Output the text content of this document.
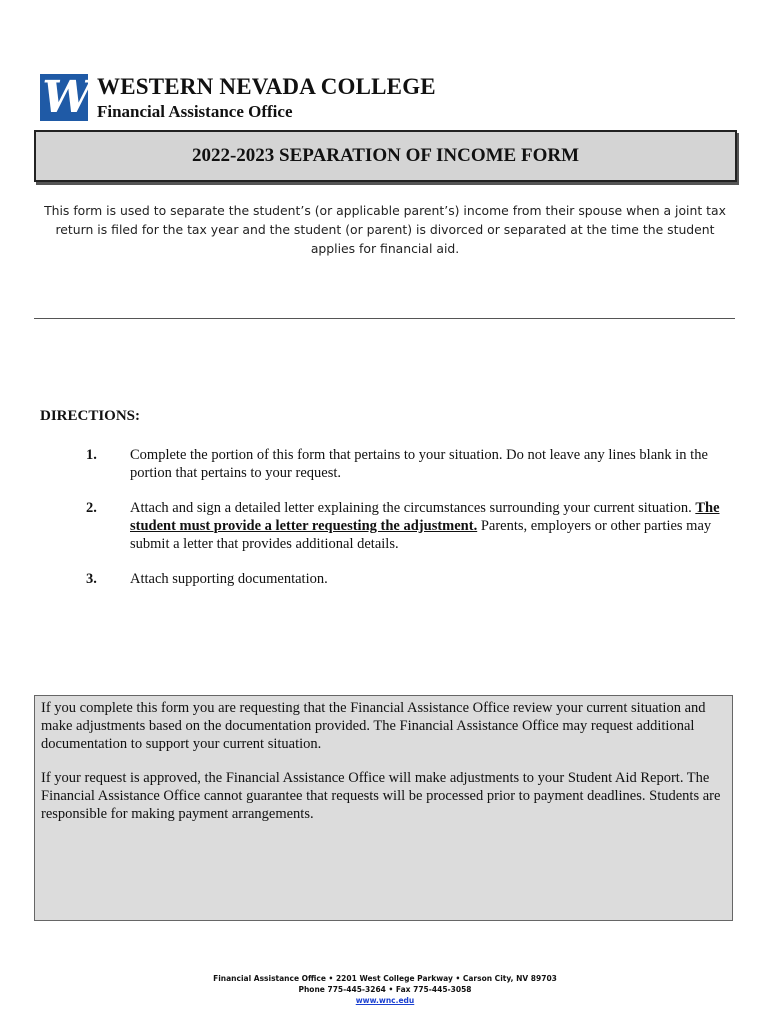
W WESTERN NEVADA COLLEGE
Financial Assistance Office
2022-2023 SEPARATION OF INCOME FORM
This form is used to separate the student’s (or applicable parent’s) income from their spouse when a joint tax return is filed for the tax year and the student (or parent) is divorced or separated at the time the student applies for financial aid.
DIRECTIONS:
1. Complete the portion of this form that pertains to your situation. Do not leave any lines blank in the portion that pertains to your request.
2. Attach and sign a detailed letter explaining the circumstances surrounding your current situation. The student must provide a letter requesting the adjustment. Parents, employers or other parties may submit a letter that provides additional details.
3. Attach supporting documentation.

If you complete this form you are requesting that the Financial Assistance Office review your current situation and make adjustments based on the documentation provided. The Financial Assistance Office may request additional documentation to support your current situation.

If your request is approved, the Financial Assistance Office will make adjustments to your Student Aid Report. The Financial Assistance Office cannot guarantee that requests will be processed prior to payment deadlines. Students are responsible for making payment arrangements.

Financial Assistance Office • 2201 West College Parkway • Carson City, NV 89703
Phone 775-445-3264 • Fax 775-445-3058
www.wnc.edu
